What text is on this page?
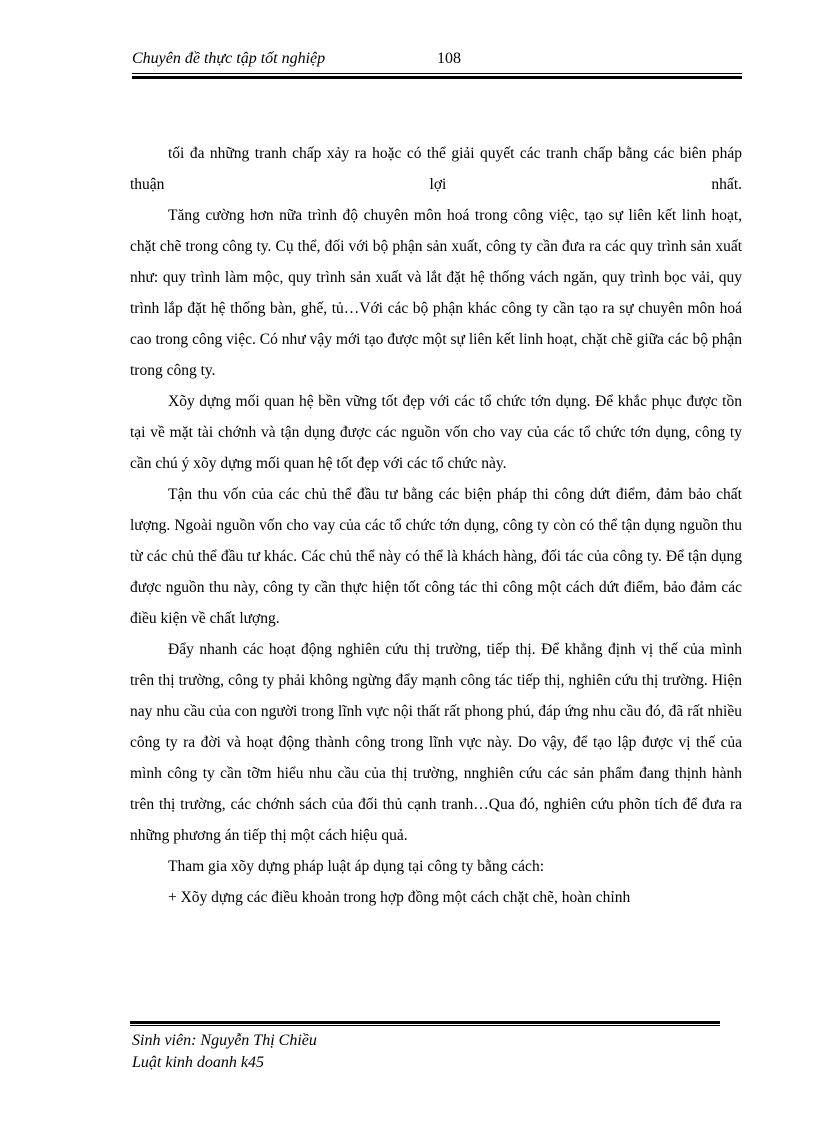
Chuyên đề thực tập tốt nghiệp	108

tối đa những tranh chấp xảy ra hoặc có thể giải quyết các tranh chấp bằng các biên pháp thuận lợi nhất.

Tăng cường hơn nữa trình độ chuyên môn hoá trong công việc, tạo sự liên kết linh hoạt, chặt chẽ trong công ty. Cụ thể, đối với bộ phận sản xuất, công ty cần đưa ra các quy trình sản xuất như: quy trình làm mộc, quy trình sản xuất và lắt đặt hệ thống vách ngăn, quy trình bọc vải, quy trình lắp đặt hệ thống bàn, ghế, tủ…Với các bộ phận khác công ty cần tạo ra sự chuyên môn hoá cao trong công việc. Có như vậy mới tạo được một sự liên kết linh hoạt, chặt chẽ giữa các bộ phận trong công ty.

Xõy dựng mối quan hệ bền vững tốt đẹp với các tổ chức tớn dụng. Để khắc phục được tồn tại về mặt tài chớnh và tận dụng được các nguồn vốn cho vay của các tổ chức tớn dụng, công ty cần chú ý xõy dựng mối quan hệ tốt đẹp với các tổ chức này.

Tận thu vốn của các chủ thể đầu tư bằng các biện pháp thi công dứt điểm, đảm bảo chất lượng. Ngoài nguồn vốn cho vay của các tổ chức tớn dụng, công ty còn có thể tận dụng nguồn thu từ các chủ thể đầu tư khác. Các chủ thể này có thể là khách hàng, đối tác của công ty. Để tận dụng được nguồn thu này, công ty cần thực hiện tốt công tác thi công một cách dứt điểm, bảo đảm các điều kiện về chất lượng.

Đẩy nhanh các hoạt động nghiên cứu thị trường, tiếp thị. Để khẳng định vị thế của mình trên thị trường, công ty phải không ngừng đẩy mạnh công tác tiếp thị, nghiên cứu thị trường. Hiện nay nhu cầu của con người trong lĩnh vực nội thất rất phong phú, đáp ứng nhu cầu đó, đã rất nhiều công ty ra đời và hoạt động thành công trong lĩnh vực này. Do vậy, để tạo lập được vị thế của mình công ty cần tỡm hiểu nhu cầu của thị trường, nnghiên cứu các sản phẩm đang thịnh hành trên thị trường, các chớnh sách của đối thủ cạnh tranh…Qua đó, nghiên cứu phõn tích để đưa ra những phương án tiếp thị một cách hiệu quả.

Tham gia xõy dựng pháp luật áp dụng tại công ty bằng cách:

+ Xõy dựng các điều khoản trong hợp đồng một cách chặt chẽ, hoàn chỉnh

Sinh viên: Nguyễn Thị Chiều
Luật kinh doanh k45
